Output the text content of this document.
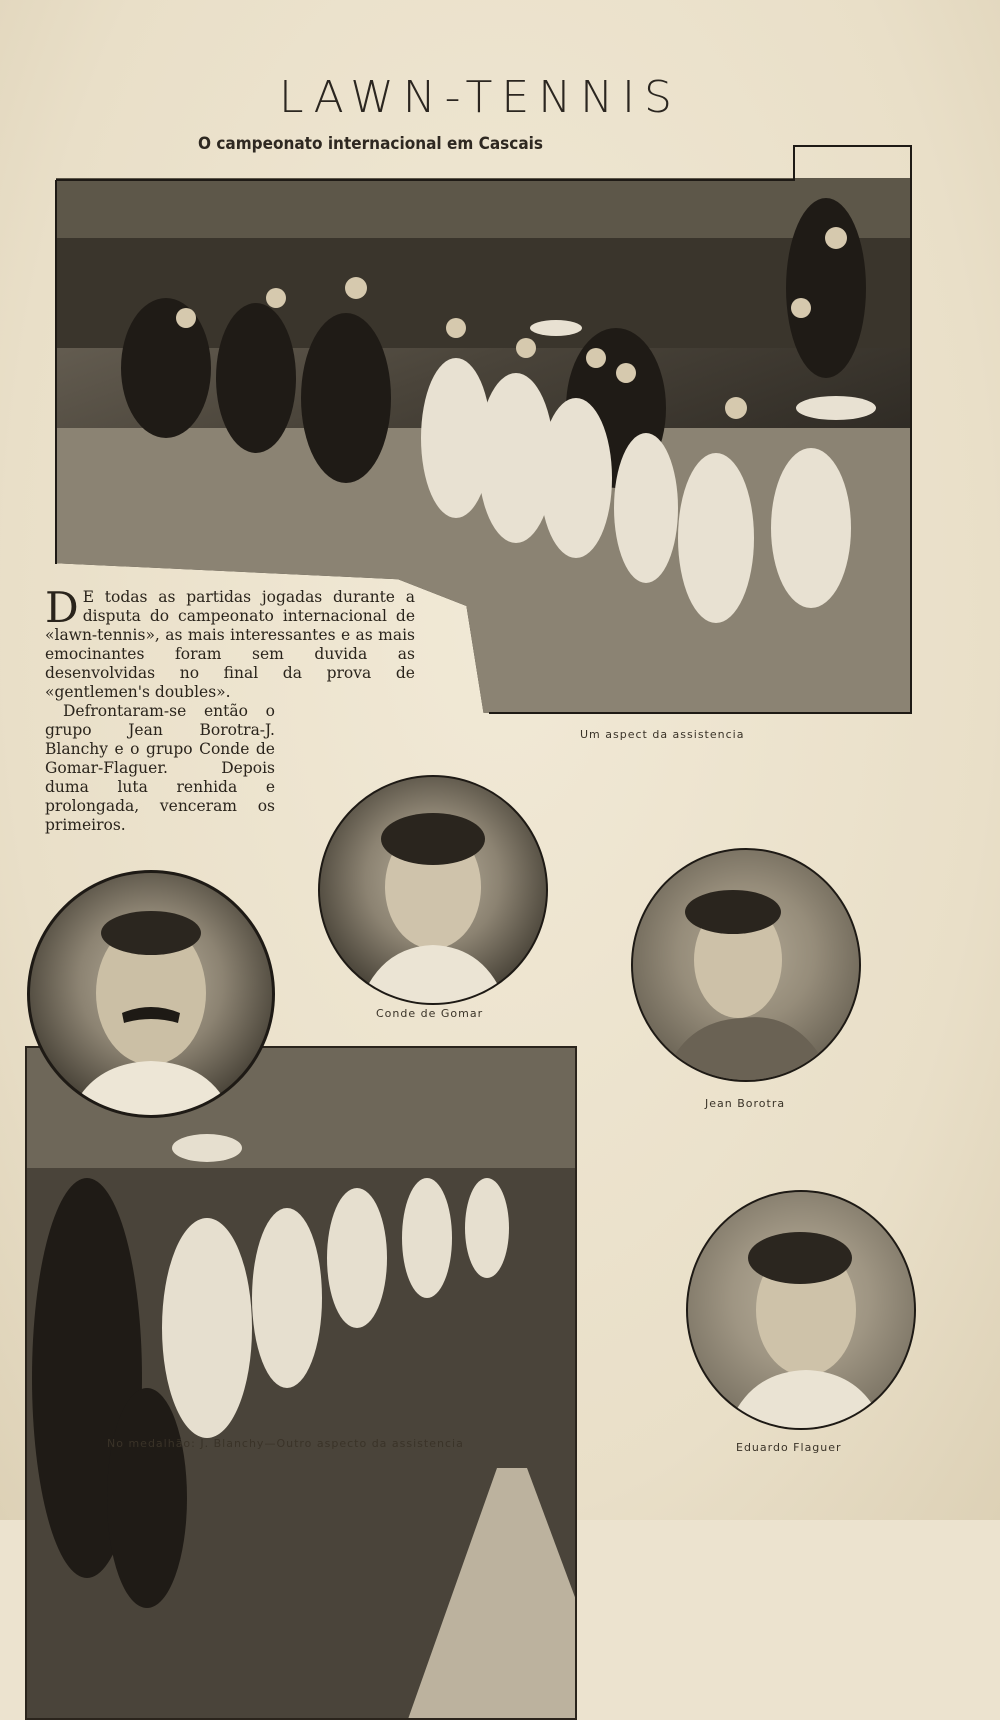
LAWN-TENNIS
O campeonato internacional em Cascais
Um aspect da assistencia

D E todas as partidas jogadas durante a disputa do campeonato internacional de «lawn-tennis», as mais interessantes e as mais emocinantes foram sem duvida as desenvolvidas no final da prova de «gentlemen's doubles».

Defrontaram-se então o grupo Jean Borotra-J. Blanchy e o grupo Conde de Gomar-Flaguer. Depois duma luta renhida e prolongada, venceram os primeiros.

Conde de Gomar
Jean Borotra
Eduardo Flaguer
No medalhão: J. Blanchy—Outro aspecto da assistencia
